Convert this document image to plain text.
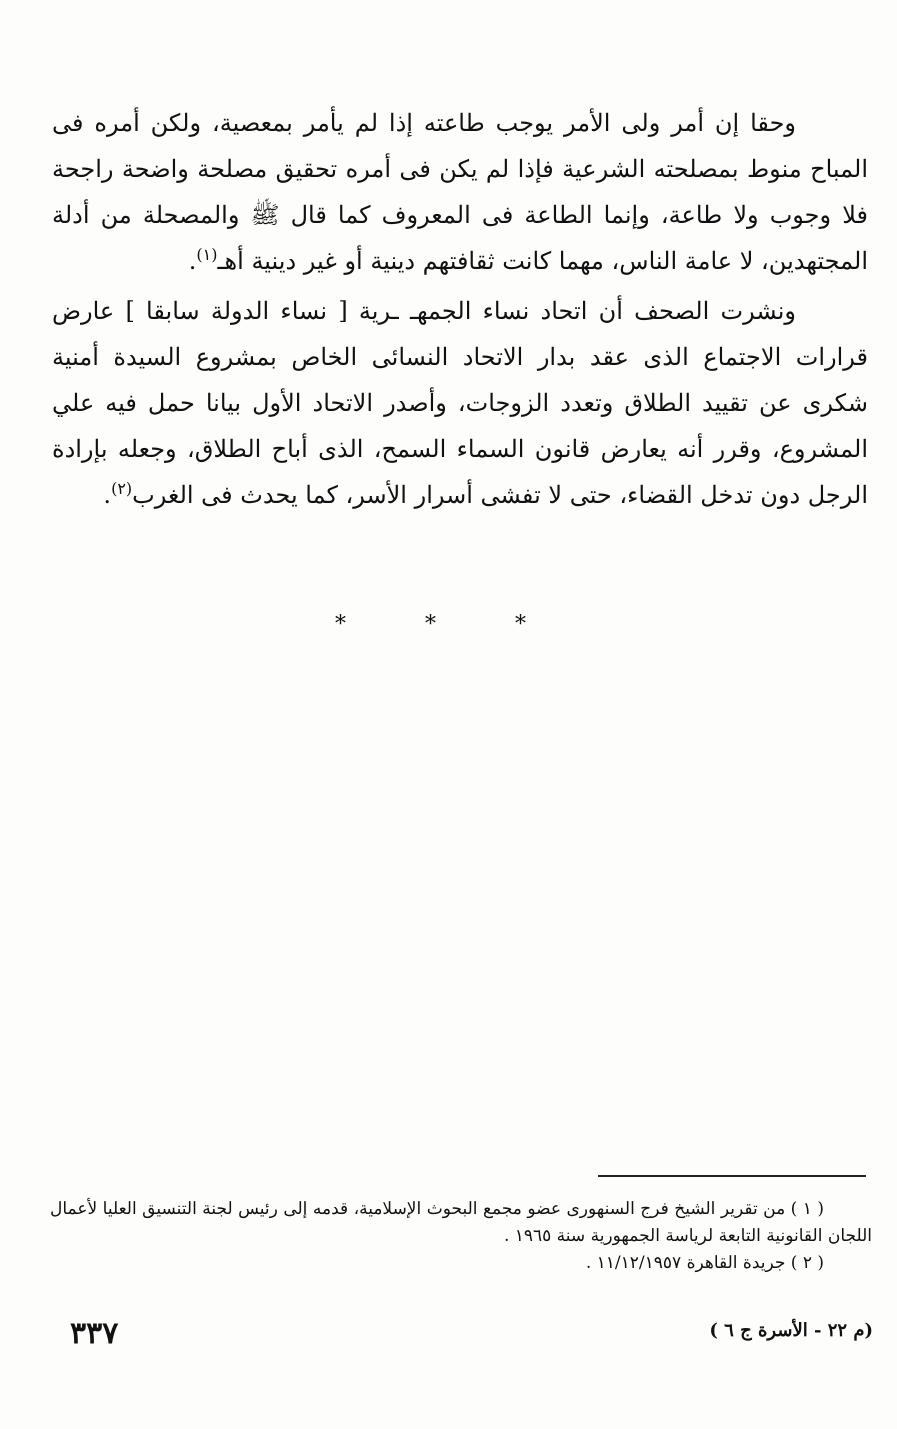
وحقا إن أمر ولى الأمر يوجب طاعته إذا لم يأمر بمعصية، ولكن أمره فى المباح منوط بمصلحته الشرعية فإذا لم يكن فى أمره تحقيق مصلحة واضحة راجحة فلا وجوب ولا طاعة، وإنما الطاعة فى المعروف كما قال ﷺ والمصحلة من أدلة المجتهدين، لا عامة الناس، مهما كانت ثقافتهم دينية أو غير دينية أهـ$^{(١)}$.

ونشرت الصحف أن اتحاد نساء الجمهـ ـرية [ نساء الدولة سابقا ] عارض قرارات الاجتماع الذى عقد بدار الاتحاد النسائى الخاص بمشروع السيدة أمنية شكرى عن تقييد الطلاق وتعدد الزوجات، وأصدر الاتحاد الأول بيانا حمل فيه علي المشروع، وقرر أنه يعارض قانون السماء السمح، الذى أباح الطلاق، وجعله بإرادة الرجل دون تدخل القضاء، حتى لا تفشى أسرار الأسر، كما يحدث فى الغرب$^{(٢)}$.

* * *

( ١ ) من تقرير الشيخ فرج السنهورى عضو مجمع البحوث الإسلامية، قدمه إلى رئيس لجنة التنسيق العليا لأعمال اللجان القانونية التابعة لرياسة الجمهورية سنة ١٩٦٥ .

( ٢ ) جريدة القاهرة ١١/١٢/١٩٥٧ .

(م ٢٢ - الأسرة ج ٦ )
٣٣٧
